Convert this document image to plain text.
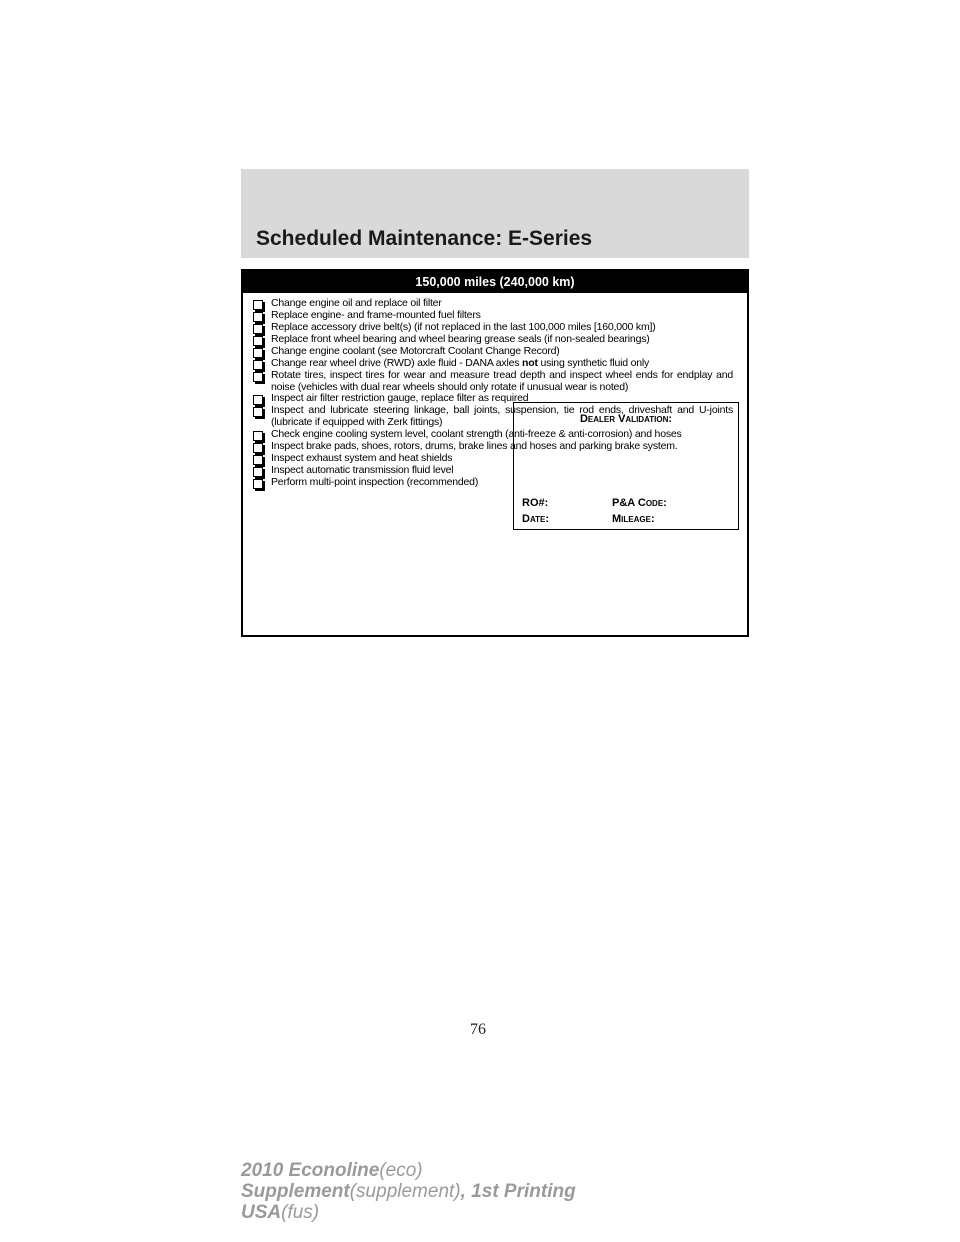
Scheduled Maintenance: E-Series
150,000 miles (240,000 km)
Change engine oil and replace oil filter
Replace engine- and frame-mounted fuel filters
Replace accessory drive belt(s) (if not replaced in the last 100,000 miles [160,000 km])
Replace front wheel bearing and wheel bearing grease seals (if non-sealed bearings)
Change engine coolant (see Motorcraft Coolant Change Record)
Change rear wheel drive (RWD) axle fluid - DANA axles not using synthetic fluid only
Rotate tires, inspect tires for wear and measure tread depth and inspect wheel ends for endplay and noise (vehicles with dual rear wheels should only rotate if unusual wear is noted)
Inspect air filter restriction gauge, replace filter as required
Inspect and lubricate steering linkage, ball joints, suspension, tie rod ends, driveshaft and U-joints (lubricate if equipped with Zerk fittings)
Check engine cooling system level, coolant strength (anti-freeze & anti-corrosion) and hoses
Inspect brake pads, shoes, rotors, drums, brake lines and hoses and parking brake system.
Inspect exhaust system and heat shields
Inspect automatic transmission fluid level
Perform multi-point inspection (recommended)
Dealer Validation:
RO#:	P&A Code:
Date:	Mileage:

76

2010 Econoline(eco)
Supplement(supplement), 1st Printing
USA(fus)
